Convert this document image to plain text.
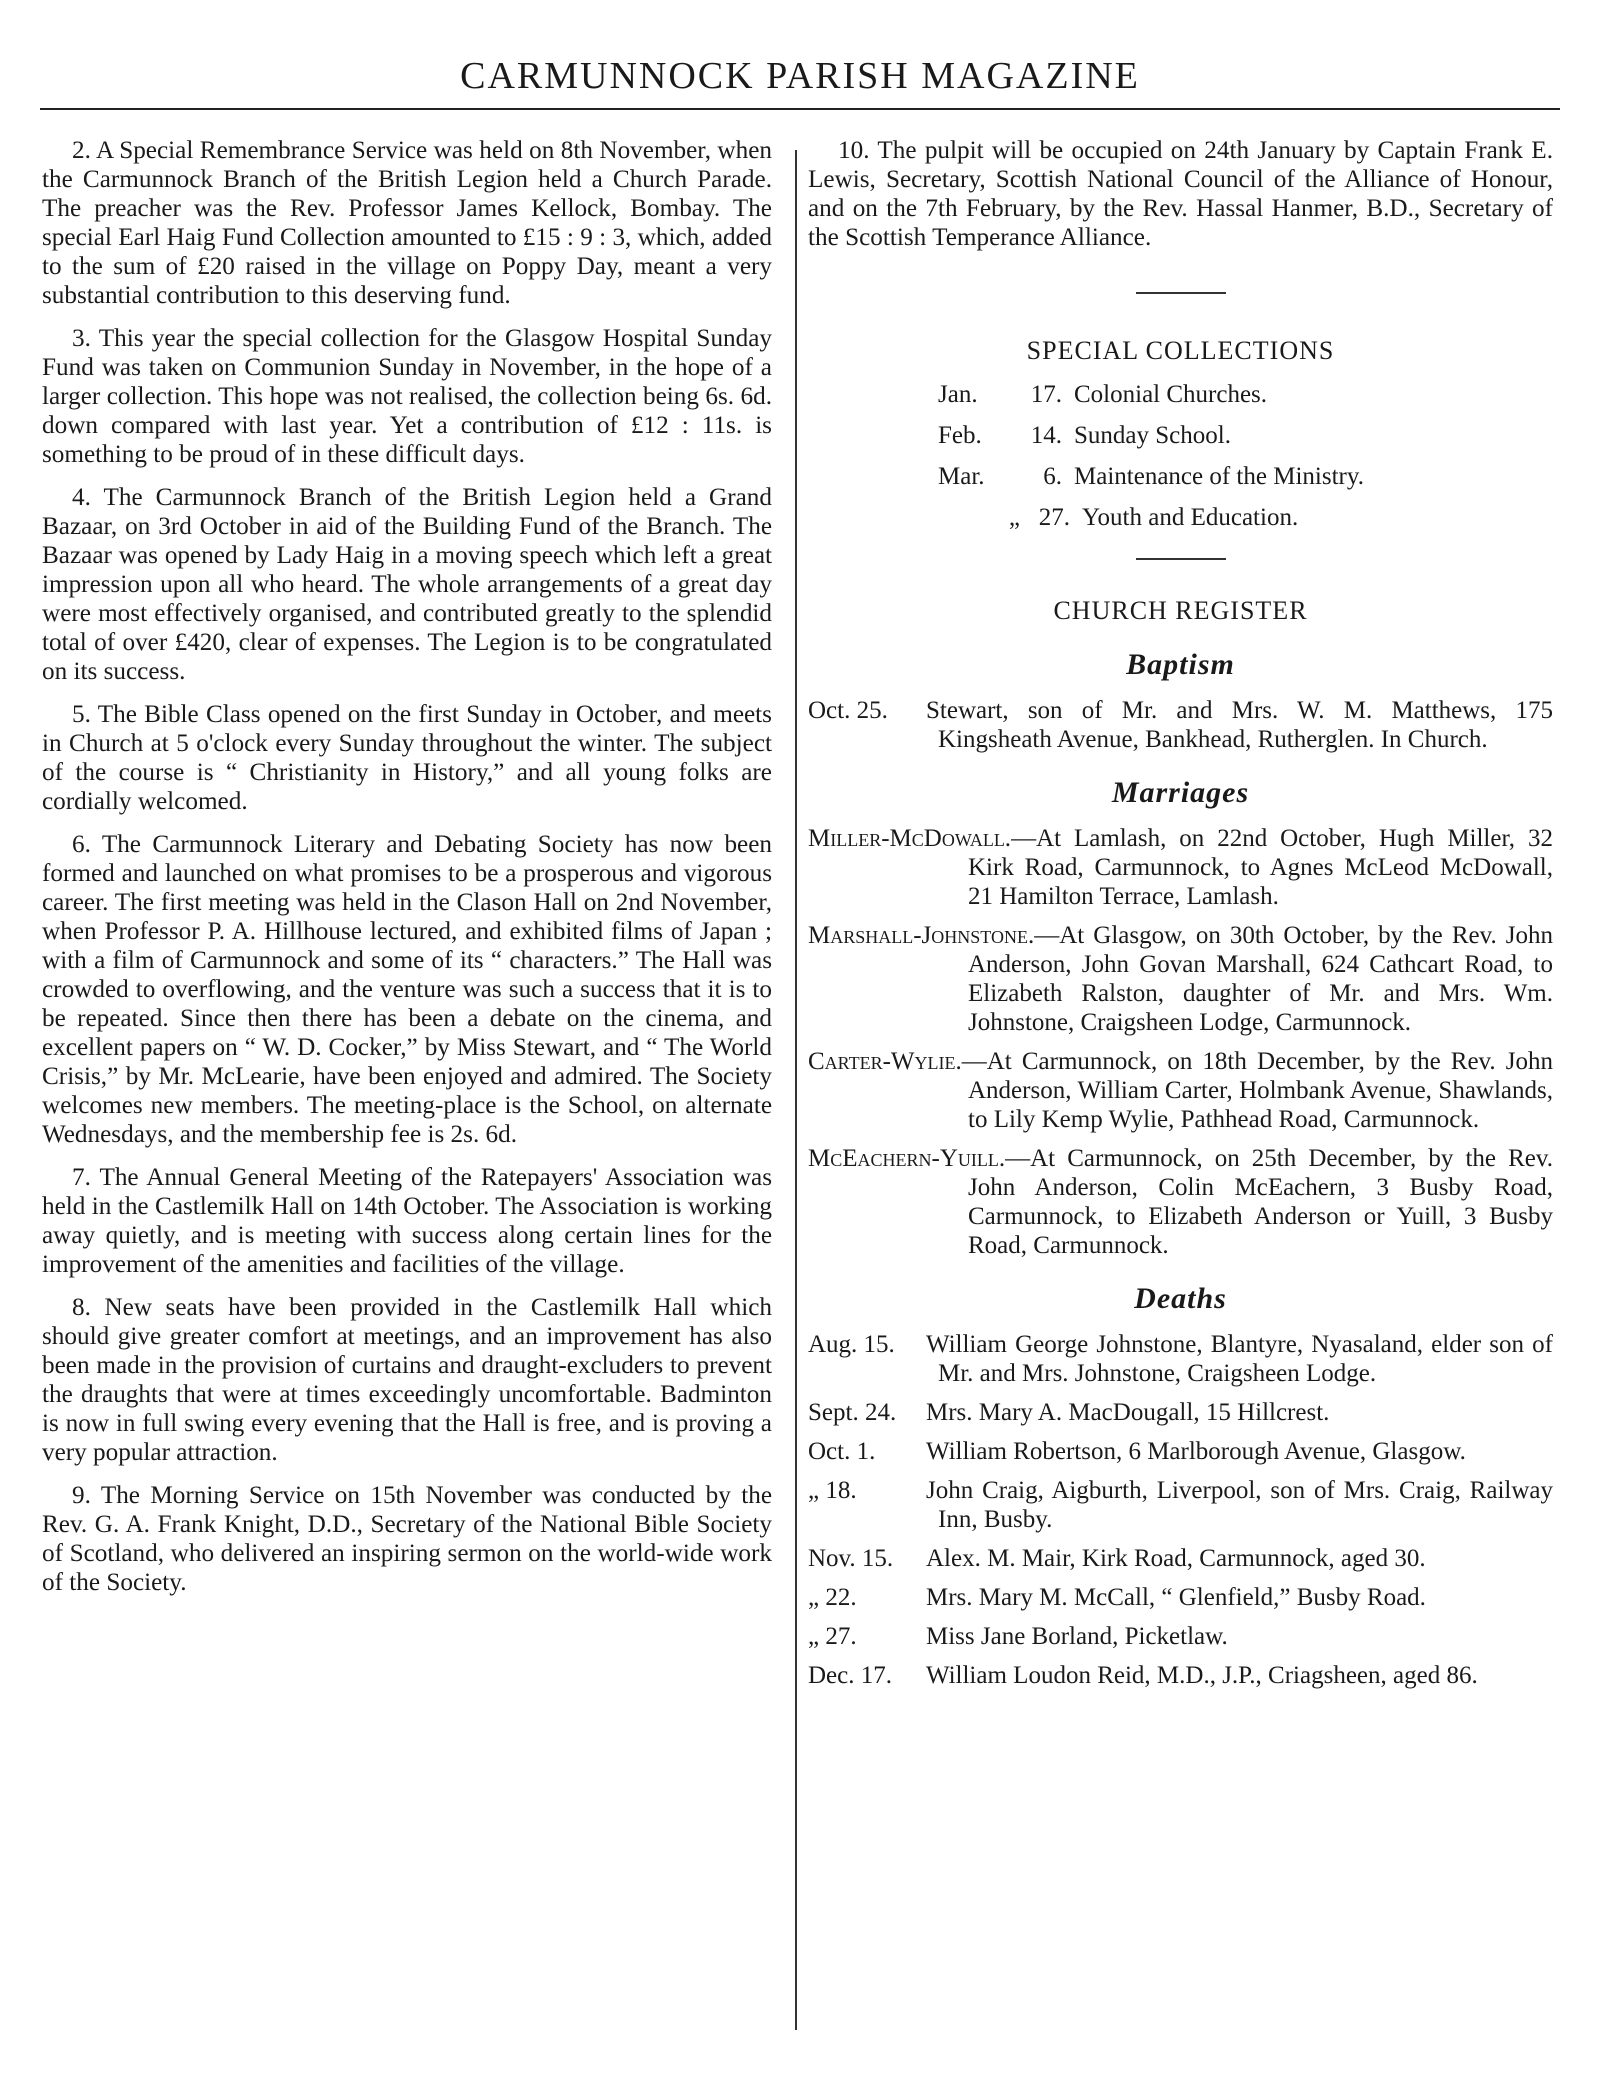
CARMUNNOCK PARISH MAGAZINE

2. A Special Remembrance Service was held on 8th November, when the Carmunnock Branch of the British Legion held a Church Parade. The preacher was the Rev. Professor James Kellock, Bombay. The special Earl Haig Fund Collection amounted to £15 : 9 : 3, which, added to the sum of £20 raised in the village on Poppy Day, meant a very substantial contribution to this deserving fund.

3. This year the special collection for the Glasgow Hospital Sunday Fund was taken on Communion Sunday in November, in the hope of a larger collection. This hope was not realised, the collection being 6s. 6d. down compared with last year. Yet a contribution of £12 : 11s. is something to be proud of in these difficult days.

4. The Carmunnock Branch of the British Legion held a Grand Bazaar, on 3rd October in aid of the Building Fund of the Branch. The Bazaar was opened by Lady Haig in a moving speech which left a great impression upon all who heard. The whole arrangements of a great day were most effectively organised, and contributed greatly to the splendid total of over £420, clear of expenses. The Legion is to be congratulated on its success.

5. The Bible Class opened on the first Sunday in October, and meets in Church at 5 o'clock every Sunday throughout the winter. The subject of the course is “ Christianity in History,” and all young folks are cordially welcomed.

6. The Carmunnock Literary and Debating Society has now been formed and launched on what promises to be a prosperous and vigorous career. The first meeting was held in the Clason Hall on 2nd November, when Professor P. A. Hillhouse lectured, and exhibited films of Japan ; with a film of Carmunnock and some of its “ characters.” The Hall was crowded to overflowing, and the venture was such a success that it is to be repeated. Since then there has been a debate on the cinema, and excellent papers on “ W. D. Cocker,” by Miss Stewart, and “ The World Crisis,” by Mr. McLearie, have been enjoyed and admired. The Society welcomes new members. The meeting-place is the School, on alternate Wednesdays, and the membership fee is 2s. 6d.

7. The Annual General Meeting of the Ratepayers' Association was held in the Castlemilk Hall on 14th October. The Association is working away quietly, and is meeting with success along certain lines for the improvement of the amenities and facilities of the village.

8. New seats have been provided in the Castlemilk Hall which should give greater comfort at meetings, and an improvement has also been made in the provision of curtains and draught-excluders to prevent the draughts that were at times exceedingly uncomfortable. Badminton is now in full swing every evening that the Hall is free, and is proving a very popular attraction.

9. The Morning Service on 15th November was conducted by the Rev. G. A. Frank Knight, D.D., Secretary of the National Bible Society of Scotland, who delivered an inspiring sermon on the world-wide work of the Society.

10. The pulpit will be occupied on 24th January by Captain Frank E. Lewis, Secretary, Scottish National Council of the Alliance of Honour, and on the 7th February, by the Rev. Hassal Hanmer, B.D., Secretary of the Scottish Temperance Alliance.

SPECIAL COLLECTIONS
Jan.	17. Colonial Churches.
Feb.	14. Sunday School.
Mar.	6. Maintenance of the Ministry.
„ 27. Youth and Education.
CHURCH REGISTER
Baptism

Oct. 25. Stewart, son of Mr. and Mrs. W. M. Matthews, 175 Kingsheath Avenue, Bankhead, Rutherglen. In Church.

Marriages

Miller-McDowall.—At Lamlash, on 22nd October, Hugh Miller, 32 Kirk Road, Carmunnock, to Agnes McLeod McDowall, 21 Hamilton Terrace, Lamlash.

Marshall-Johnstone.—At Glasgow, on 30th October, by the Rev. John Anderson, John Govan Marshall, 624 Cathcart Road, to Elizabeth Ralston, daughter of Mr. and Mrs. Wm. Johnstone, Craigsheen Lodge, Carmunnock.

Carter-Wylie.—At Carmunnock, on 18th December, by the Rev. John Anderson, William Carter, Holmbank Avenue, Shawlands, to Lily Kemp Wylie, Pathhead Road, Carmunnock.

McEachern-Yuill.—At Carmunnock, on 25th December, by the Rev. John Anderson, Colin McEachern, 3 Busby Road, Carmunnock, to Elizabeth Anderson or Yuill, 3 Busby Road, Carmunnock.

Deaths

Aug. 15. William George Johnstone, Blantyre, Nyasaland, elder son of Mr. and Mrs. Johnstone, Craigsheen Lodge.

Sept. 24. Mrs. Mary A. MacDougall, 15 Hillcrest.

Oct. 1. William Robertson, 6 Marlborough Avenue, Glasgow.

„ 18.	John Craig, Aigburth, Liverpool, son of Mrs. Craig, Railway Inn, Busby.

Nov. 15. Alex. M. Mair, Kirk Road, Carmunnock, aged 30.

„ 22.	Mrs. Mary M. McCall, “ Glenfield,” Busby Road.

„ 27.	Miss Jane Borland, Picketlaw.

Dec. 17. William Loudon Reid, M.D., J.P., Criagsheen, aged 86.
